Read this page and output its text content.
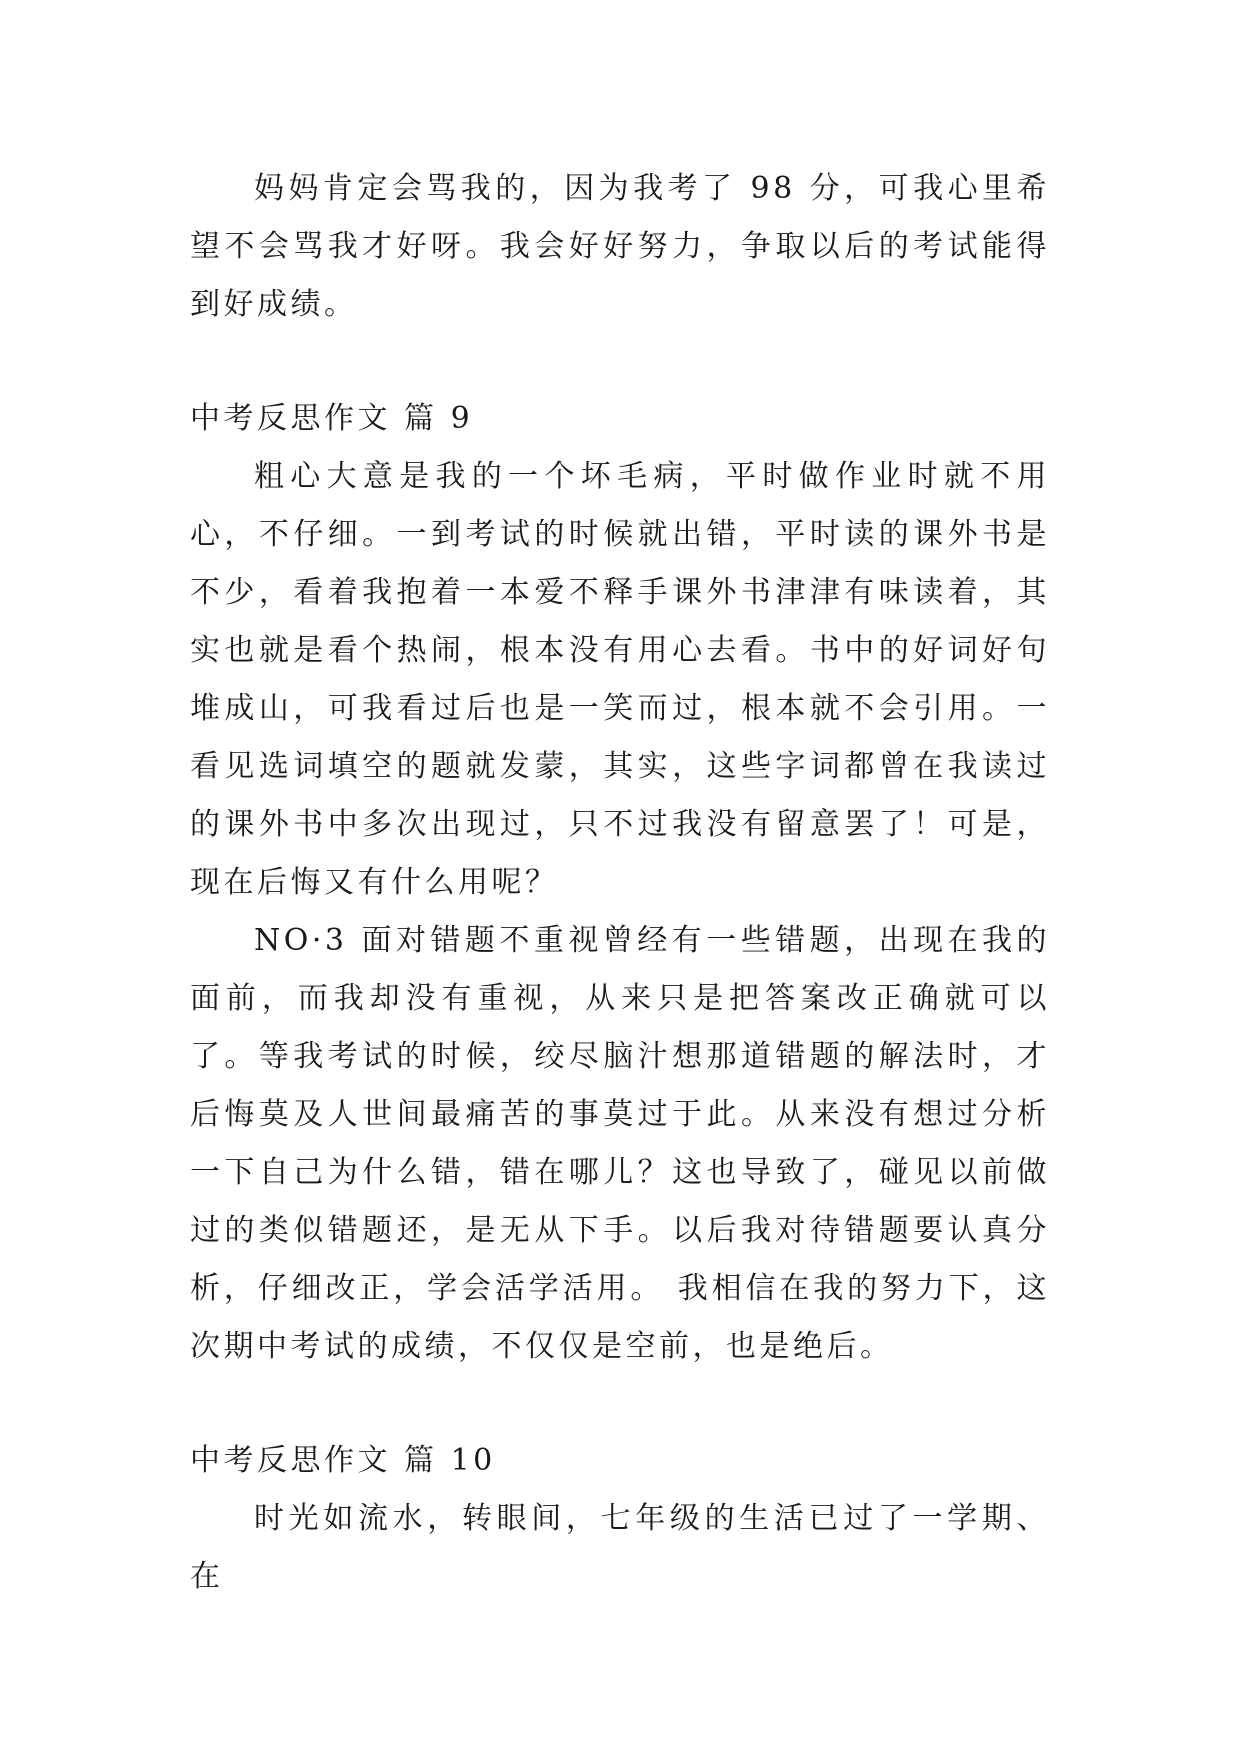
妈妈肯定会骂我的，因为我考了 98 分，可我心里希望不会骂我才好呀。我会好好努力，争取以后的考试能得到好成绩。

中考反思作文 篇 9

粗心大意是我的一个坏毛病，平时做作业时就不用心，不仔细。一到考试的时候就出错，平时读的课外书是不少，看着我抱着一本爱不释手课外书津津有味读着，其实也就是看个热闹，根本没有用心去看。书中的好词好句堆成山，可我看过后也是一笑而过，根本就不会引用。一看见选词填空的题就发蒙，其实，这些字词都曾在我读过的课外书中多次出现过，只不过我没有留意罢了！可是，现在后悔又有什么用呢？

NO·3 面对错题不重视曾经有一些错题，出现在我的面前，而我却没有重视，从来只是把答案改正确就可以了。等我考试的时候，绞尽脑汁想那道错题的解法时，才后悔莫及人世间最痛苦的事莫过于此。从来没有想过分析一下自己为什么错，错在哪儿？这也导致了，碰见以前做过的类似错题还，是无从下手。以后我对待错题要认真分析，仔细改正，学会活学活用。 我相信在我的努力下，这次期中考试的成绩，不仅仅是空前，也是绝后。

中考反思作文 篇 10

时光如流水，转眼间，七年级的生活已过了一学期、在
